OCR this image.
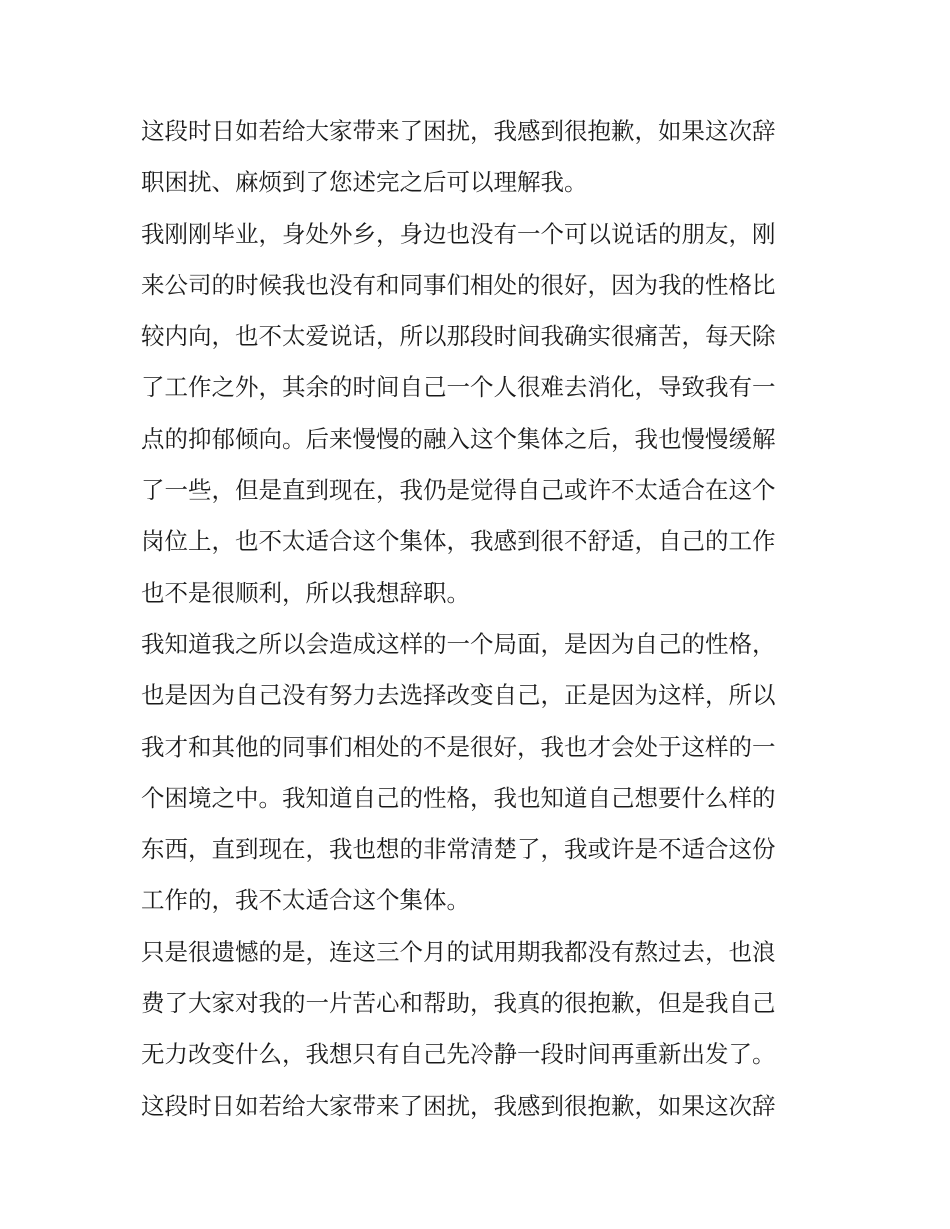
这段时日如若给大家带来了困扰，我感到很抱歉，如果这次辞
职困扰、麻烦到了您述完之后可以理解我。
我刚刚毕业，身处外乡，身边也没有一个可以说话的朋友，刚
来公司的时候我也没有和同事们相处的很好，因为我的性格比
较内向，也不太爱说话，所以那段时间我确实很痛苦，每天除
了工作之外，其余的时间自己一个人很难去消化，导致我有一
点的抑郁倾向。后来慢慢的融入这个集体之后，我也慢慢缓解
了一些，但是直到现在，我仍是觉得自己或许不太适合在这个
岗位上，也不太适合这个集体，我感到很不舒适，自己的工作
也不是很顺利，所以我想辞职。
我知道我之所以会造成这样的一个局面，是因为自己的性格，
也是因为自己没有努力去选择改变自己，正是因为这样，所以
我才和其他的同事们相处的不是很好，我也才会处于这样的一
个困境之中。我知道自己的性格，我也知道自己想要什么样的
东西，直到现在，我也想的非常清楚了，我或许是不适合这份
工作的，我不太适合这个集体。
只是很遗憾的是，连这三个月的试用期我都没有熬过去，也浪
费了大家对我的一片苦心和帮助，我真的很抱歉，但是我自己
无力改变什么，我想只有自己先冷静一段时间再重新出发了。
这段时日如若给大家带来了困扰，我感到很抱歉，如果这次辞
